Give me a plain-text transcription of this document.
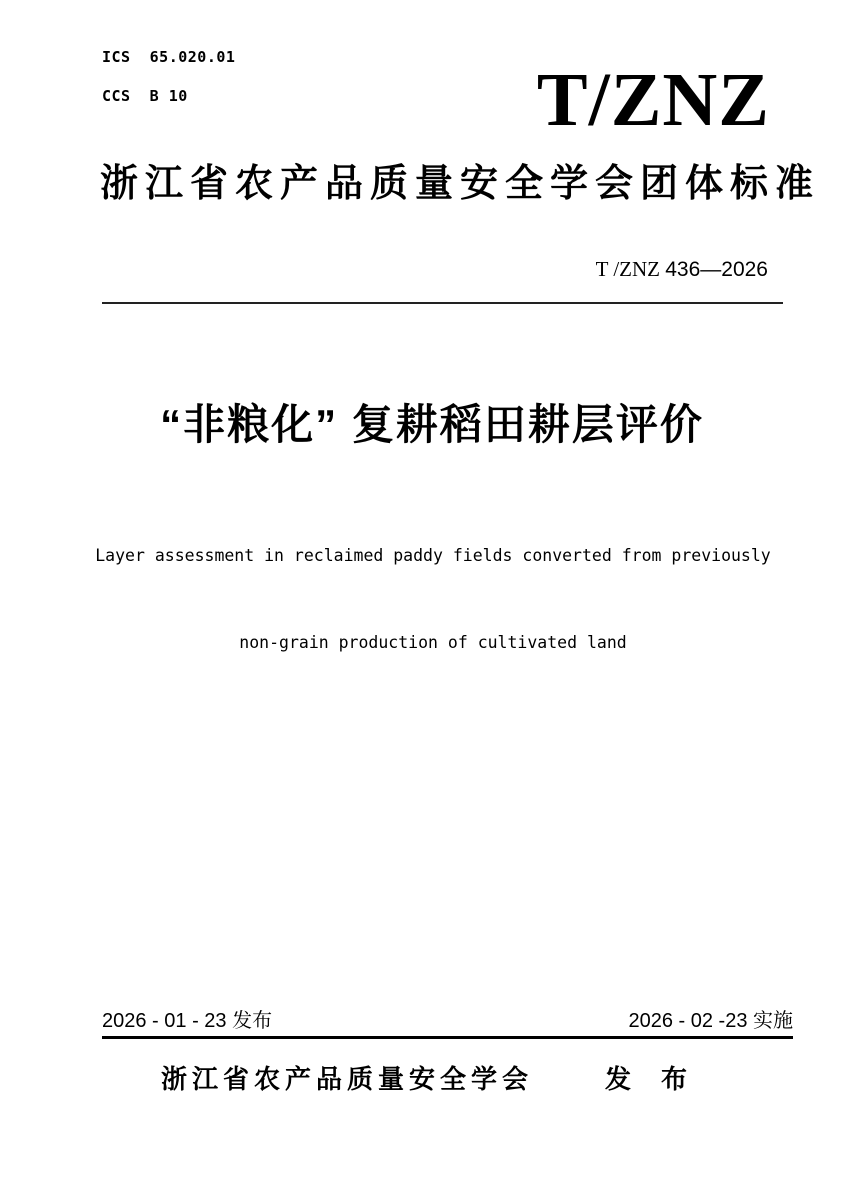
ICS  65.020.01
CCS  B 10	T/ZNZ
浙江省农产品质量安全学会团体标准

T /ZNZ 436—2026

“非粮化” 复耕稻田耕层评价

Layer assessment in reclaimed paddy fields converted from previously

non-grain production of cultivated land

2026 - 01 - 23 发布	2026 - 02 -23 实施
浙江省农产品质量安全学会	发　布
